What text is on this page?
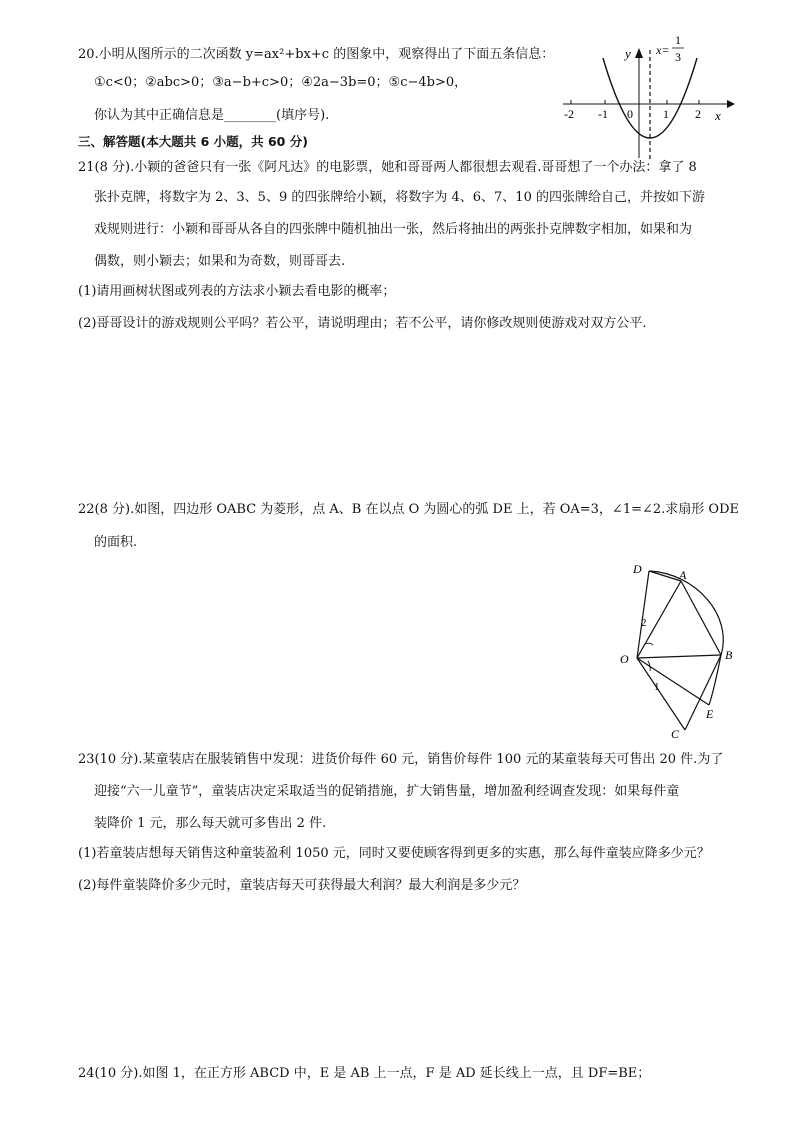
20.小明从图所示的二次函数 y=ax²+bx+c 的图象中，观察得出了下面五条信息：
①c<0；②abc>0；③a−b+c>0；④2a−3b=0；⑤c−4b>0，
你认为其中正确信息是________(填序号).
y
x
0
-2 -1	1 2
x=
1
3
三、解答题(本大题共 6 小题，共 60 分)
21(8 分).小颖的爸爸只有一张《阿凡达》的电影票，她和哥哥两人都很想去观看.哥哥想了一个办法：拿了 8
张扑克牌，将数字为 2、3、5、9 的四张牌给小颖，将数字为 4、6、7、10 的四张牌给自己，并按如下游
戏规则进行：小颖和哥哥从各自的四张牌中随机抽出一张，然后将抽出的两张扑克牌数字相加，如果和为
偶数，则小颖去；如果和为奇数，则哥哥去.
(1)请用画树状图或列表的方法求小颖去看电影的概率；
(2)哥哥设计的游戏规则公平吗？若公平，请说明理由；若不公平，请你修改规则使游戏对双方公平.
22(8 分).如图，四边形 OABC 为菱形，点 A、B 在以点 O 为圆心的弧 DE 上，若 OA=3，∠1=∠2.求扇形 ODE
的面积.
D	A
B
O
E
C
2
1
23(10 分).某童装店在服装销售中发现：进货价每件 60 元，销售价每件 100 元的某童装每天可售出 20 件.为了
迎接“六一儿童节”，童装店决定采取适当的促销措施，扩大销售量，增加盈利经调查发现：如果每件童
装降价 1 元，那么每天就可多售出 2 件.
(1)若童装店想每天销售这种童装盈利 1050 元，同时又要使顾客得到更多的实惠，那么每件童装应降多少元？
(2)每件童装降价多少元时，童装店每天可获得最大利润？最大利润是多少元？
24(10 分).如图 1，在正方形 ABCD 中，E 是 AB 上一点，F 是 AD 延长线上一点，且 DF=BE；
